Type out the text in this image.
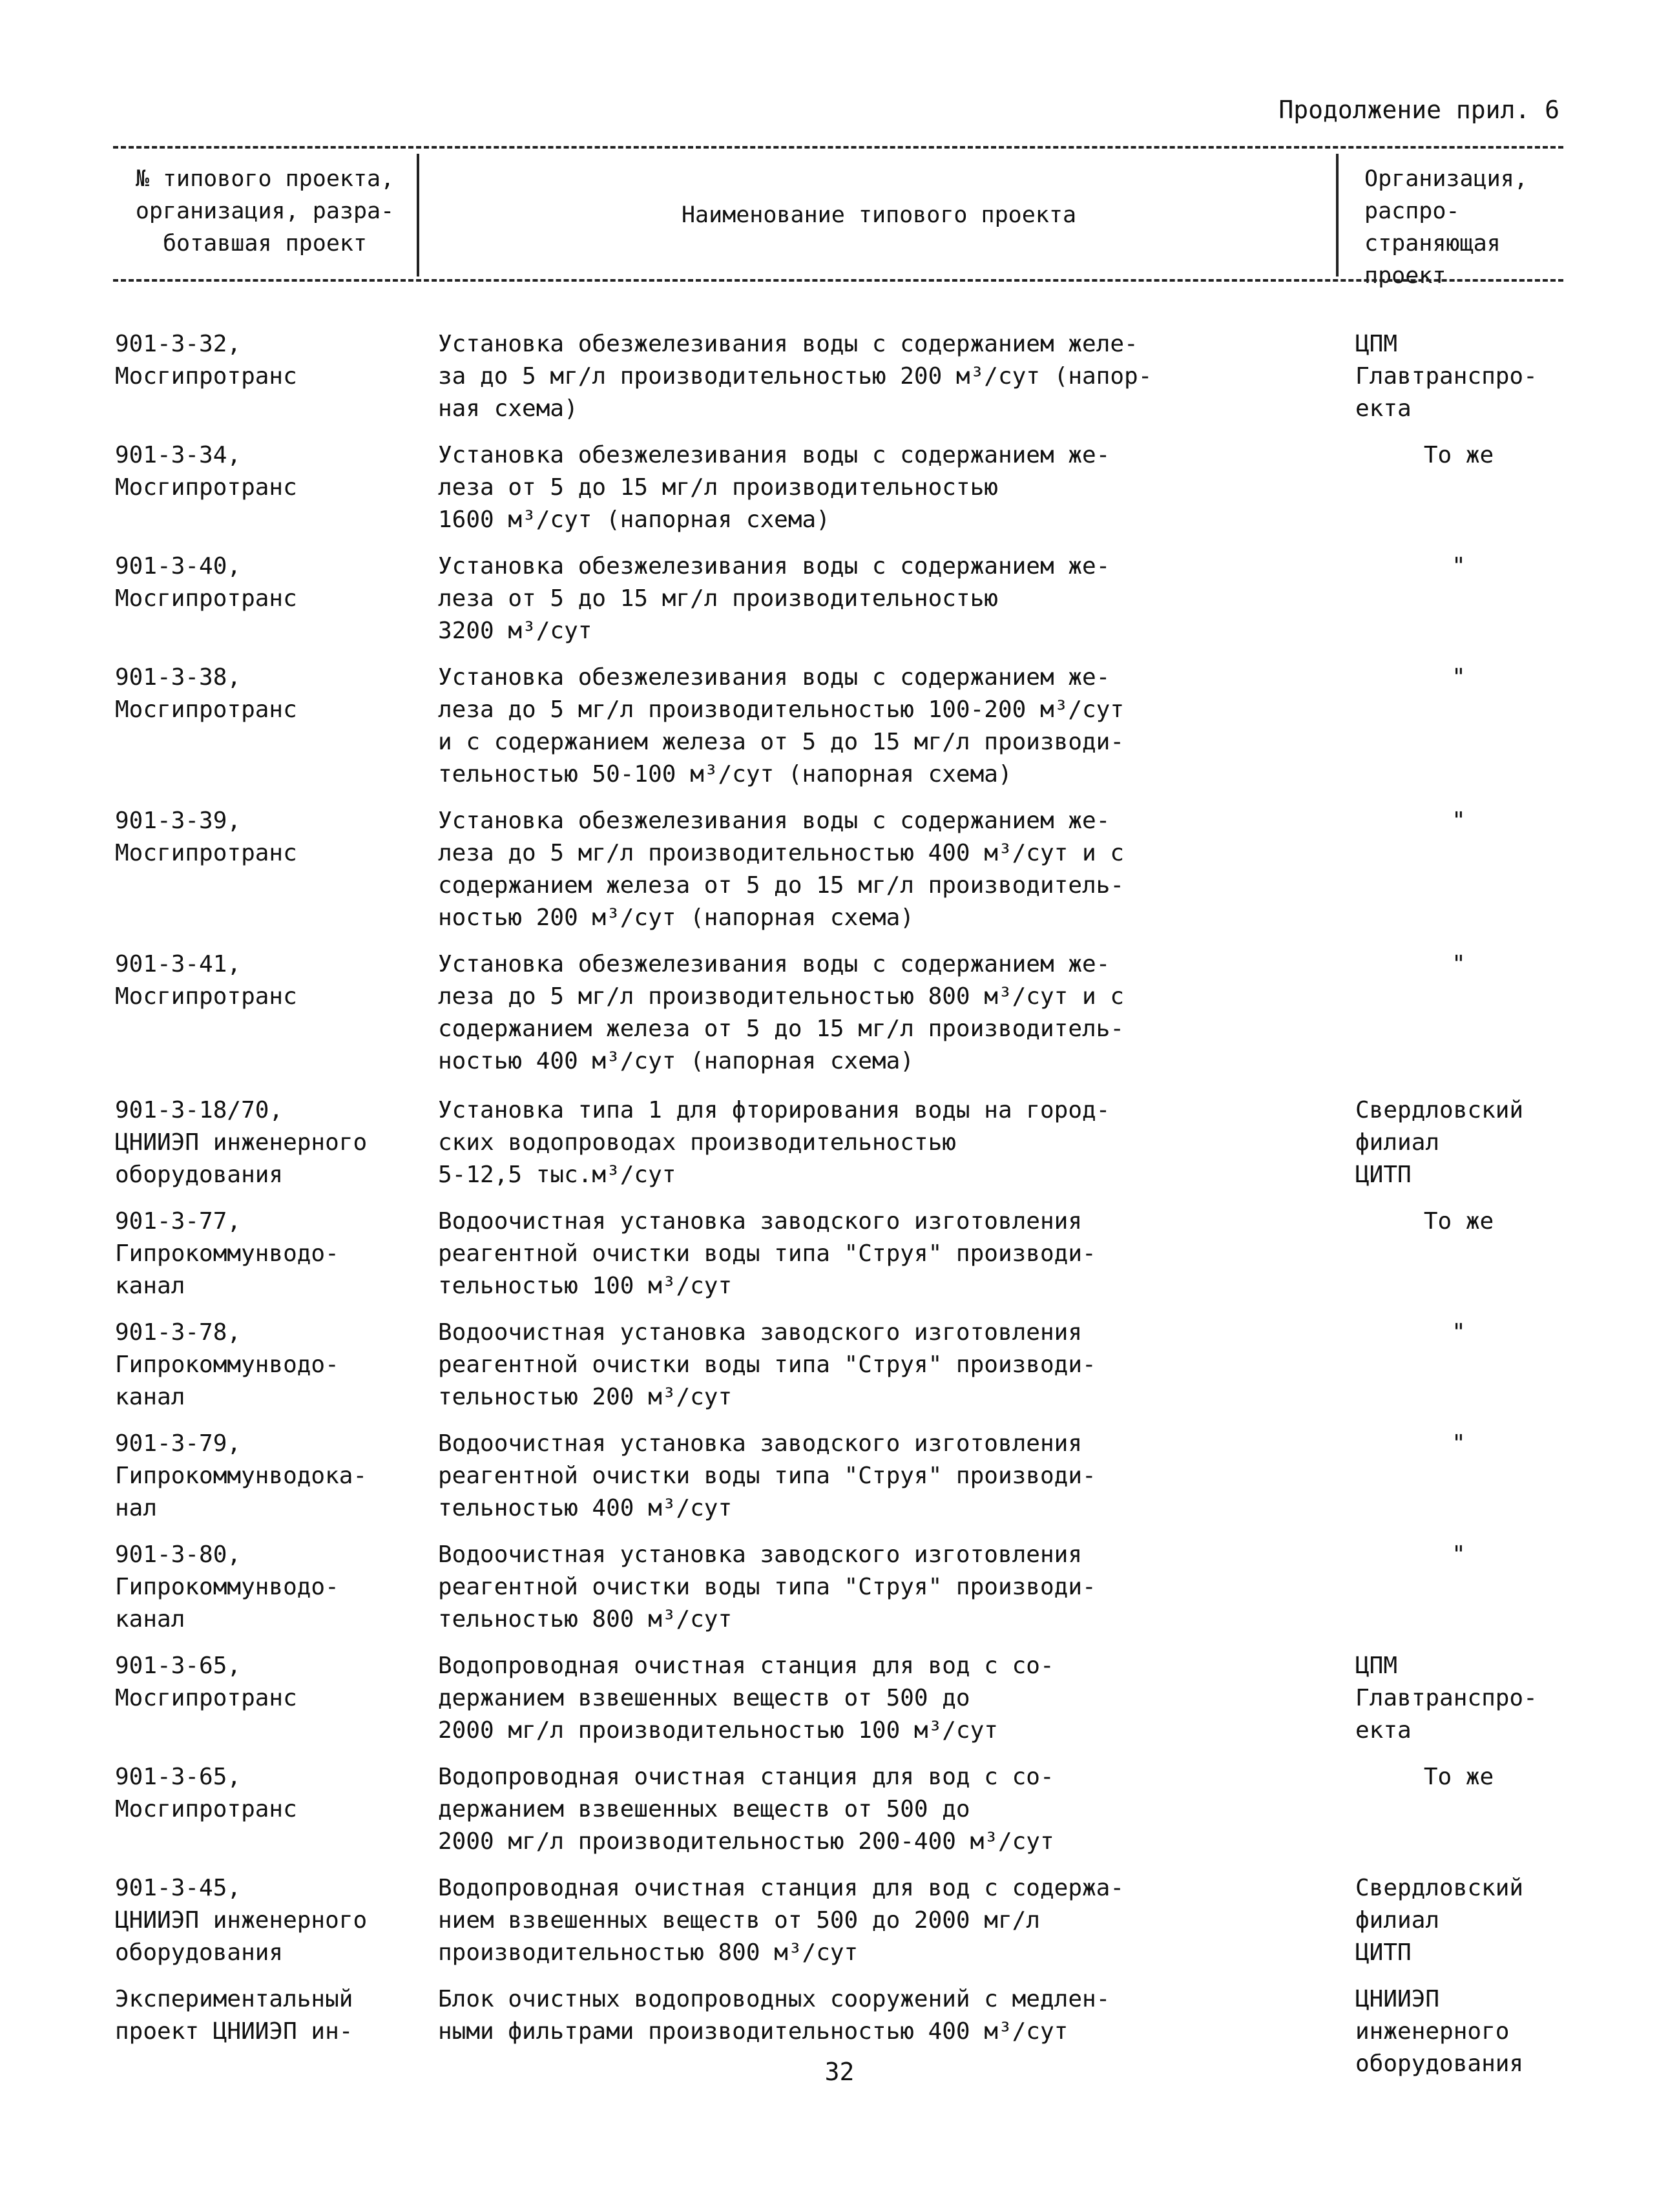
Продолжение прил. 6

№ типового проекта,
организация, разра-
ботавшая проект
Наименование типового проекта
Организация, распро-
страняющая проект
901-3-32,
Мосгипротранс
Установка обезжелезивания воды с содержанием желе-
за до 5 мг/л производительностью 200 м³/сут (напор-
ная схема)
ЦПМ Главтранспро-
екта
901-3-34,
Мосгипротранс
Установка обезжелезивания воды с содержанием же-
леза от 5 до 15 мг/л производительностью
1600 м³/сут (напорная схема)
То же
901-3-40,
Мосгипротранс
Установка обезжелезивания воды с содержанием же-
леза от 5 до 15 мг/л производительностью
3200 м³/сут
"
901-3-38,
Мосгипротранс
Установка обезжелезивания воды с содержанием же-
леза до 5 мг/л производительностью 100-200 м³/сут
и с содержанием железа от 5 до 15 мг/л производи-
тельностью 50-100 м³/сут (напорная схема)
"
901-3-39,
Мосгипротранс
Установка обезжелезивания воды с содержанием же-
леза до 5 мг/л производительностью 400 м³/сут и с
содержанием железа от 5 до 15 мг/л производитель-
ностью 200 м³/сут (напорная схема)
"
901-3-41,
Мосгипротранс
Установка обезжелезивания воды с содержанием же-
леза до 5 мг/л производительностью 800 м³/сут и с
содержанием железа от 5 до 15 мг/л производитель-
ностью 400 м³/сут (напорная схема)
"
901-3-18/70,
ЦНИИЭП инженерного
оборудования
Установка типа 1 для фторирования воды на город-
ских водопроводах производительностью
5-12,5 тыс.м³/сут
Свердловский филиал
ЦИТП
901-3-77,
Гипрокоммунводо-
канал
Водоочистная установка заводского изготовления
реагентной очистки воды типа "Струя" производи-
тельностью 100 м³/сут
То же
901-3-78,
Гипрокоммунводо-
канал
Водоочистная установка заводского изготовления
реагентной очистки воды типа "Струя" производи-
тельностью 200 м³/сут
"
901-3-79,
Гипрокоммунводока-
нал
Водоочистная установка заводского изготовления
реагентной очистки воды типа "Струя" производи-
тельностью 400 м³/сут
"
901-3-80,
Гипрокоммунводо-
канал
Водоочистная установка заводского изготовления
реагентной очистки воды типа "Струя" производи-
тельностью 800 м³/сут
"
901-3-65,
Мосгипротранс
Водопроводная очистная станция для вод с со-
держанием взвешенных веществ от 500 до
2000 мг/л производительностью 100 м³/сут
ЦПМ Главтранспро-
екта
901-3-65,
Мосгипротранс
Водопроводная очистная станция для вод с со-
держанием взвешенных веществ от 500 до
2000 мг/л производительностью 200-400 м³/сут
То же
901-3-45,
ЦНИИЭП инженерного
оборудования
Водопроводная очистная станция для вод с содержа-
нием взвешенных веществ от 500 до 2000 мг/л
производительностью 800 м³/сут
Свердловский филиал
ЦИТП
Экспериментальный
проект ЦНИИЭП ин-
Блок очистных водопроводных сооружений с медлен-
ными фильтрами производительностью 400 м³/сут
ЦНИИЭП инженерного
оборудования

32
